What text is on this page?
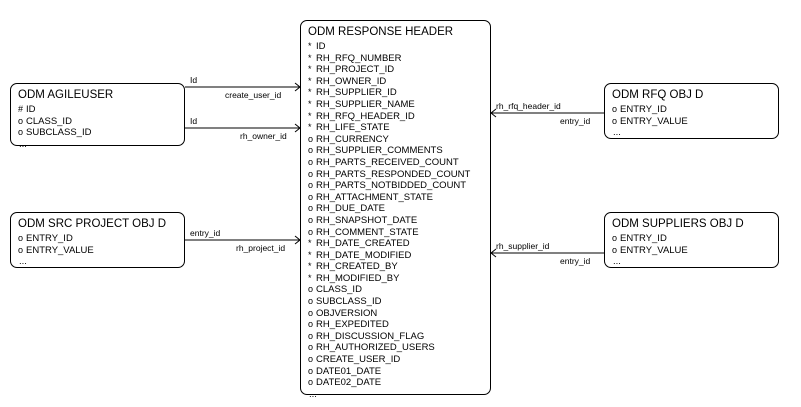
ODM AGILEUSER
# ID
o CLASS_ID
o SUBCLASS_ID
...
ODM SRC PROJECT OBJ D
o ENTRY_ID
o ENTRY_VALUE
...
ODM RESPONSE HEADER
* ID
* RH_RFQ_NUMBER
* RH_PROJECT_ID
* RH_OWNER_ID
* RH_SUPPLIER_ID
* RH_SUPPLIER_NAME
* RH_RFQ_HEADER_ID
* RH_LIFE_STATE
o RH_CURRENCY
o RH_SUPPLIER_COMMENTS
o RH_PARTS_RECEIVED_COUNT
o RH_PARTS_RESPONDED_COUNT
o RH_PARTS_NOTBIDDED_COUNT
o RH_ATTACHMENT_STATE
o RH_DUE_DATE
o RH_SNAPSHOT_DATE
o RH_COMMENT_STATE
* RH_DATE_CREATED
* RH_DATE_MODIFIED
* RH_CREATED_BY
* RH_MODIFIED_BY
o CLASS_ID
o SUBCLASS_ID
o OBJVERSION
o RH_EXPEDITED
o RH_DISCUSSION_FLAG
o RH_AUTHORIZED_USERS
o CREATE_USER_ID
o DATE01_DATE
o DATE02_DATE
...
ODM RFQ OBJ D
o ENTRY_ID
o ENTRY_VALUE
...
ODM SUPPLIERS OBJ D
o ENTRY_ID
o ENTRY_VALUE
...
Id
create_user_id
Id
rh_owner_id
entry_id
rh_project_id
rh_rfq_header_id
entry_id
rh_supplier_id
entry_id
